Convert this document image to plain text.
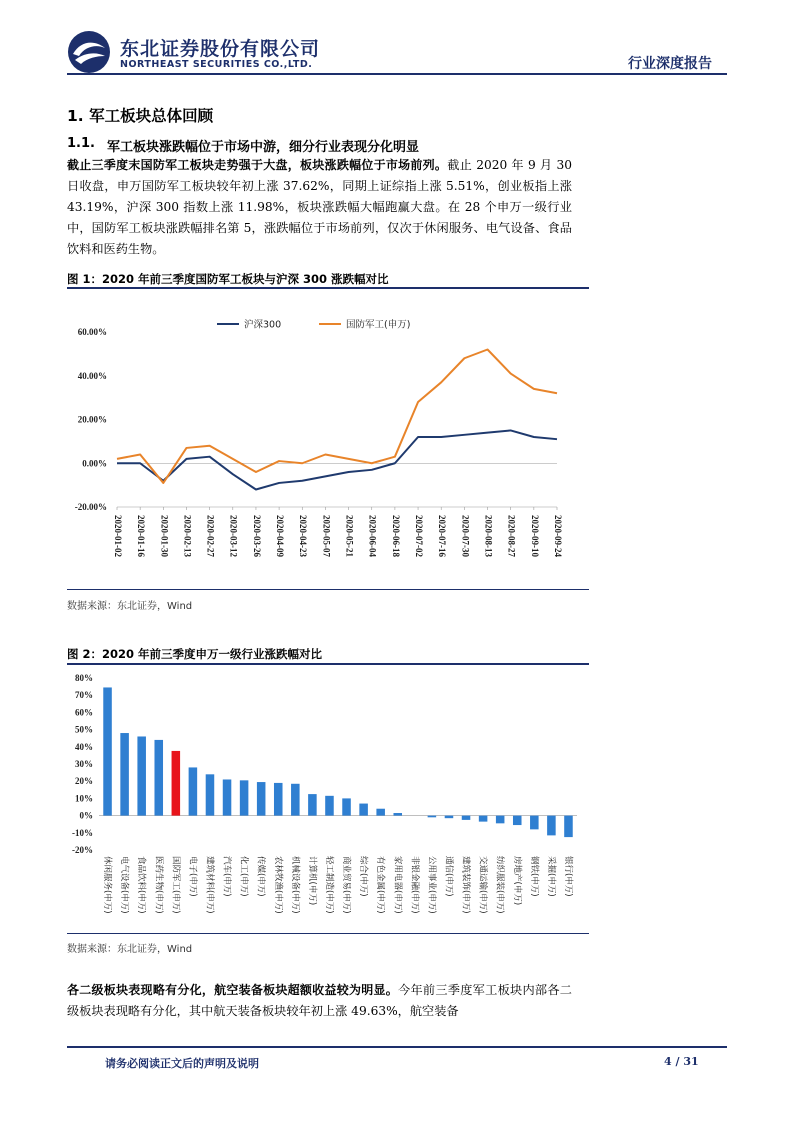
东北证券股份有限公司
NORTHEAST SECURITIES CO.,LTD.	行业深度报告
1. 军工板块总体回顾
1.1. 军工板块涨跌幅位于市场中游，细分行业表现分化明显
截止三季度末国防军工板块走势强于大盘，板块涨跌幅位于市场前列。截止 2020 年 9 月 30 日收盘，申万国防军工板块较年初上涨 37.62%，同期上证综指上涨 5.51%，创业板指上涨 43.19%，沪深 300 指数上涨 11.98%，板块涨跌幅大幅跑赢大盘。在 28 个申万一级行业中，国防军工板块涨跌幅排名第 5，涨跌幅位于市场前列，仅次于休闲服务、电气设备、食品饮料和医药生物。
图 1：2020 年前三季度国防军工板块与沪深 300 涨跌幅对比
60.00%
40.00%
20.00%
0.00%
-20.00%
2020-01-02 2020-01-16 2020-01-30 2020-02-13 2020-02-27 2020-03-12 2020-03-26 2020-04-09 2020-04-23 2020-05-07 2020-05-21 2020-06-04 2020-06-18 2020-07-02 2020-07-16 2020-07-30 2020-08-13 2020-08-27 2020-09-10 2020-09-24
沪深300	国防军工(申万)
数据来源：东北证券，Wind
图 2：2020 年前三季度申万一级行业涨跌幅对比
80%
70%
60%
50%
40%
30%
20%
10%
0%
-10%
-20%
休闲服务(申万) 电气设备(申万) 食品饮料(申万) 医药生物(申万) 国防军工(申万) 电子(申万) 建筑材料(申万) 汽车(申万) 化工(申万) 传媒(申万) 农林牧渔(申万) 机械设备(申万) 计算机(申万) 轻工制造(申万) 商业贸易(申万) 综合(申万) 有色金属(申万) 家用电器(申万) 非银金融(申万) 公用事业(申万) 通信(申万) 建筑装饰(申万) 交通运输(申万) 纺织服装(申万) 房地产(申万) 钢铁(申万) 采掘(申万) 银行(申万)
数据来源：东北证券，Wind
各二级板块表现略有分化，航空装备板块超额收益较为明显。今年前三季度军工板块内部各二级板块表现略有分化，其中航天装备板块较年初上涨 49.63%，航空装备
请务必阅读正文后的声明及说明	4 / 31
